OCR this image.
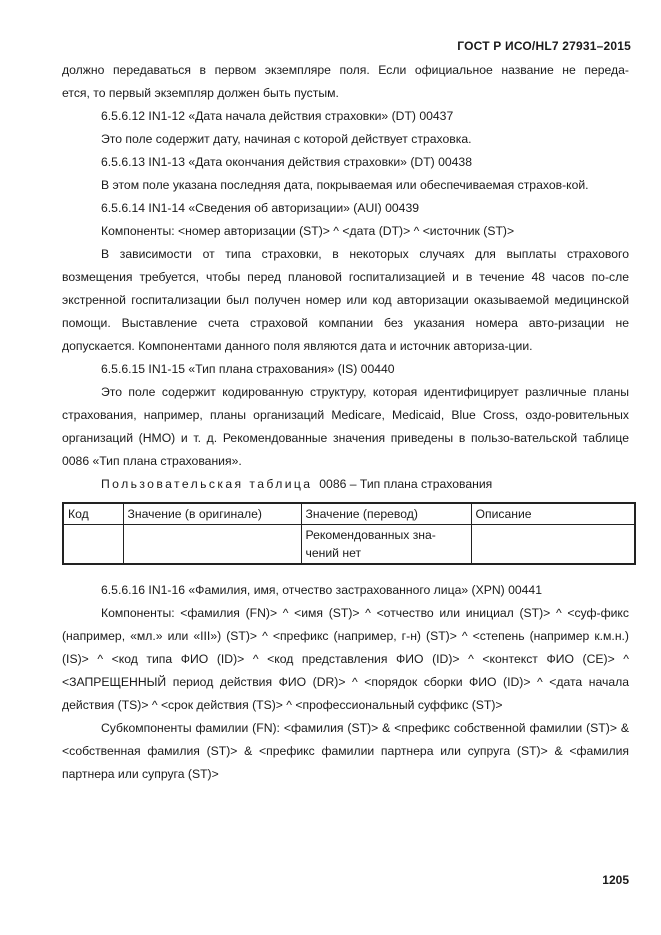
ГОСТ Р ИСО/HL7 27931–2015

должно передаваться в первом экземпляре поля. Если официальное название не переда-

ется, то первый экземпляр должен быть пустым.

6.5.6.12 IN1-12 «Дата начала действия страховки» (DT) 00437

Это поле содержит дату, начиная с которой действует страховка.

6.5.6.13 IN1-13 «Дата окончания действия страховки» (DT) 00438

В этом поле указана последняя дата, покрываемая или обеспечиваемая страхов-кой.

6.5.6.14 IN1-14 «Сведения об авторизации» (AUI) 00439

Компоненты: <номер авторизации (ST)> ^ <дата (DT)> ^ <источник (ST)>

В зависимости от типа страховки, в некоторых случаях для выплаты страхового возмещения требуется, чтобы перед плановой госпитализацией и в течение 48 часов по-сле экстренной госпитализации был получен номер или код авторизации оказываемой медицинской помощи. Выставление счета страховой компании без указания номера авто-ризации не допускается. Компонентами данного поля являются дата и источник авториза-ции.

6.5.6.15 IN1-15 «Тип плана страхования» (IS) 00440

Это поле содержит кодированную структуру, которая идентифицирует различные планы страхования, например, планы организаций Medicare, Medicaid, Blue Cross, оздо-ровительных организаций (HMO) и т. д. Рекомендованные значения приведены в пользо-вательской таблице 0086 «Тип плана страхования».

Пользовательская таблица 0086 – Тип плана страхования

Код	Значение (в оригинале)	Значение (перевод)	Описание
		Рекомендованных зна-чений нет	

6.5.6.16 IN1-16 «Фамилия, имя, отчество застрахованного лица» (XPN) 00441

Компоненты: <фамилия (FN)> ^ <имя (ST)> ^ <отчество или инициал (ST)> ^ <суф-фикс (например, «мл.» или «III») (ST)> ^ <префикс (например, г-н) (ST)> ^ <степень (например к.м.н.) (IS)> ^ <код типа ФИО (ID)> ^ <код представления ФИО (ID)> ^ <контекст ФИО (CE)> ^ <ЗАПРЕЩЕННЫЙ период действия ФИО (DR)> ^ <порядок сборки ФИО (ID)> ^ <дата начала действия (TS)> ^ <срок действия (TS)> ^ <профессиональный суффикс (ST)>

Субкомпоненты фамилии (FN): <фамилия (ST)> & <префикс собственной фамилии (ST)> & <собственная фамилия (ST)> & <префикс фамилии партнера или супруга (ST)> & <фамилия партнера или супруга (ST)>

1205
